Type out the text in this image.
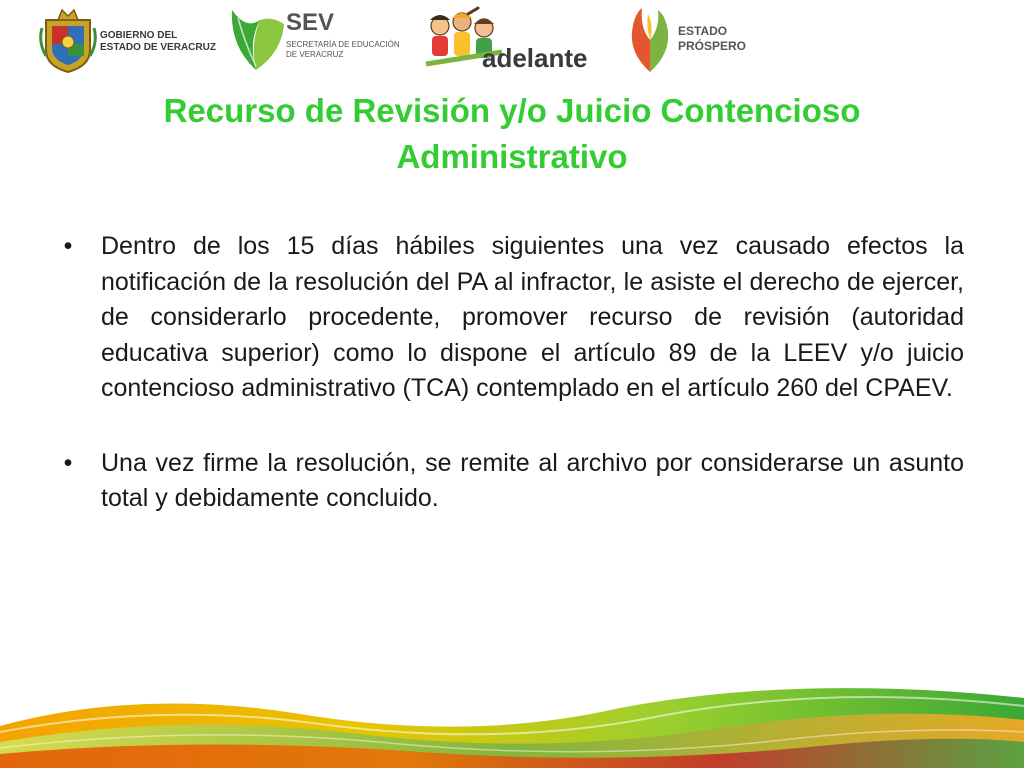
GOBIERNO DEL
ESTADO DE VERACRUZ
SEV
SECRETARÍA DE EDUCACIÓN
DE VERACRUZ	adelante
ESTADO
PRÓSPERO
Recurso de Revisión y/o Juicio Contencioso
Administrativo
• Dentro de los 15 días hábiles siguientes una vez causado efectos la notificación de la resolución del PA al infractor, le asiste el derecho de ejercer, de considerarlo procedente, promover recurso de revisión (autoridad educativa superior) como lo dispone el artículo 89 de la LEEV y/o juicio contencioso administrativo (TCA) contemplado en el artículo 260 del CPAEV.
• Una vez firme la resolución, se remite al archivo por considerarse un asunto total y debidamente concluido.
